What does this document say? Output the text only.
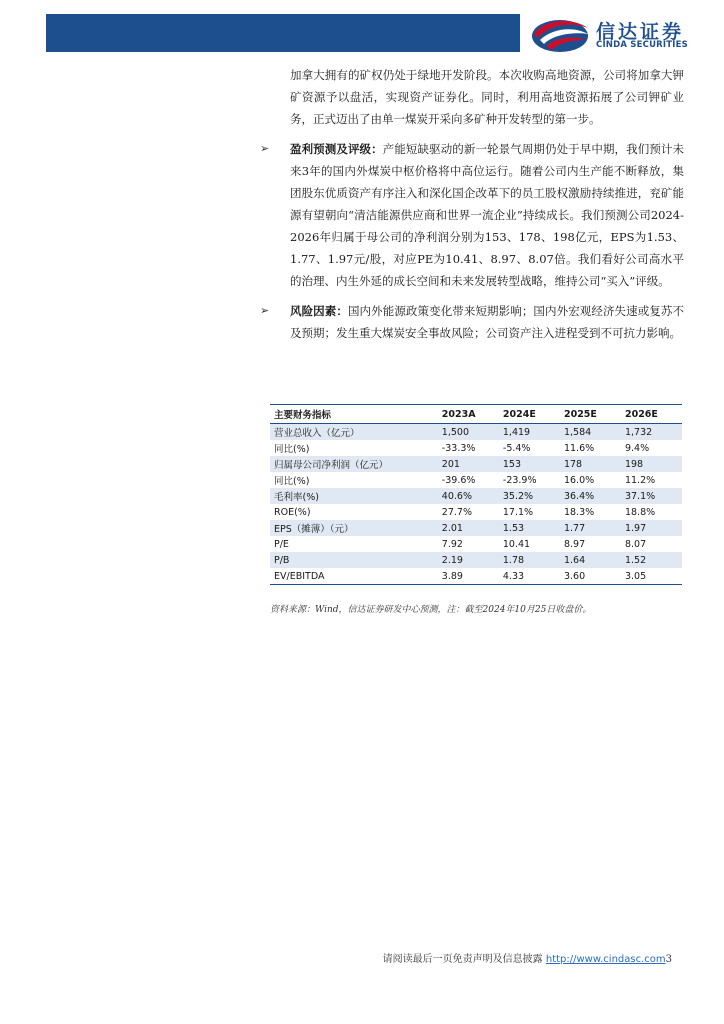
信达证券
CINDA SECURITIES

加拿大拥有的矿权仍处于绿地开发阶段。本次收购高地资源，公司将加拿大钾矿资源予以盘活，实现资产证券化。同时，利用高地资源拓展了公司钾矿业务，正式迈出了由单一煤炭开采向多矿种开发转型的第一步。

➢ 盈利预测及评级：产能短缺驱动的新一轮景气周期仍处于早中期，我们预计未来3年的国内外煤炭中枢价格将中高位运行。随着公司内生产能不断释放，集团股东优质资产有序注入和深化国企改革下的员工股权激励持续推进，兖矿能源有望朝向“清洁能源供应商和世界一流企业”持续成长。我们预测公司2024-2026年归属于母公司的净利润分别为153、178、198亿元，EPS为1.53、1.77、1.97元/股，对应PE为10.41、8.97、8.07倍。我们看好公司高水平的治理、内生外延的成长空间和未来发展转型战略，维持公司“买入”评级。

➢ 风险因素：国内外能源政策变化带来短期影响；国内外宏观经济失速或复苏不及预期；发生重大煤炭安全事故风险；公司资产注入进程受到不可抗力影响。

主要财务指标	2023A	2024E	2025E	2026E
营业总收入（亿元）	1,500	1,419	1,584	1,732
同比(%)	-33.3%	-5.4%	11.6%	9.4%
归属母公司净利润（亿元）	201	153	178	198
同比(%)	-39.6%	-23.9%	16.0%	11.2%
毛利率(%)	40.6%	35.2%	36.4%	37.1%
ROE(%)	27.7%	17.1%	18.3%	18.8%
EPS（摊薄）（元）	2.01	1.53	1.77	1.97
P/E	7.92	10.41	8.97	8.07
P/B	2.19	1.78	1.64	1.52
EV/EBITDA	3.89	4.33	3.60	3.05
资料来源：Wind，信达证券研发中心预测，注：截至2024年10月25日收盘价。
请阅读最后一页免责声明及信息披露 http://www.cindasc.com3
